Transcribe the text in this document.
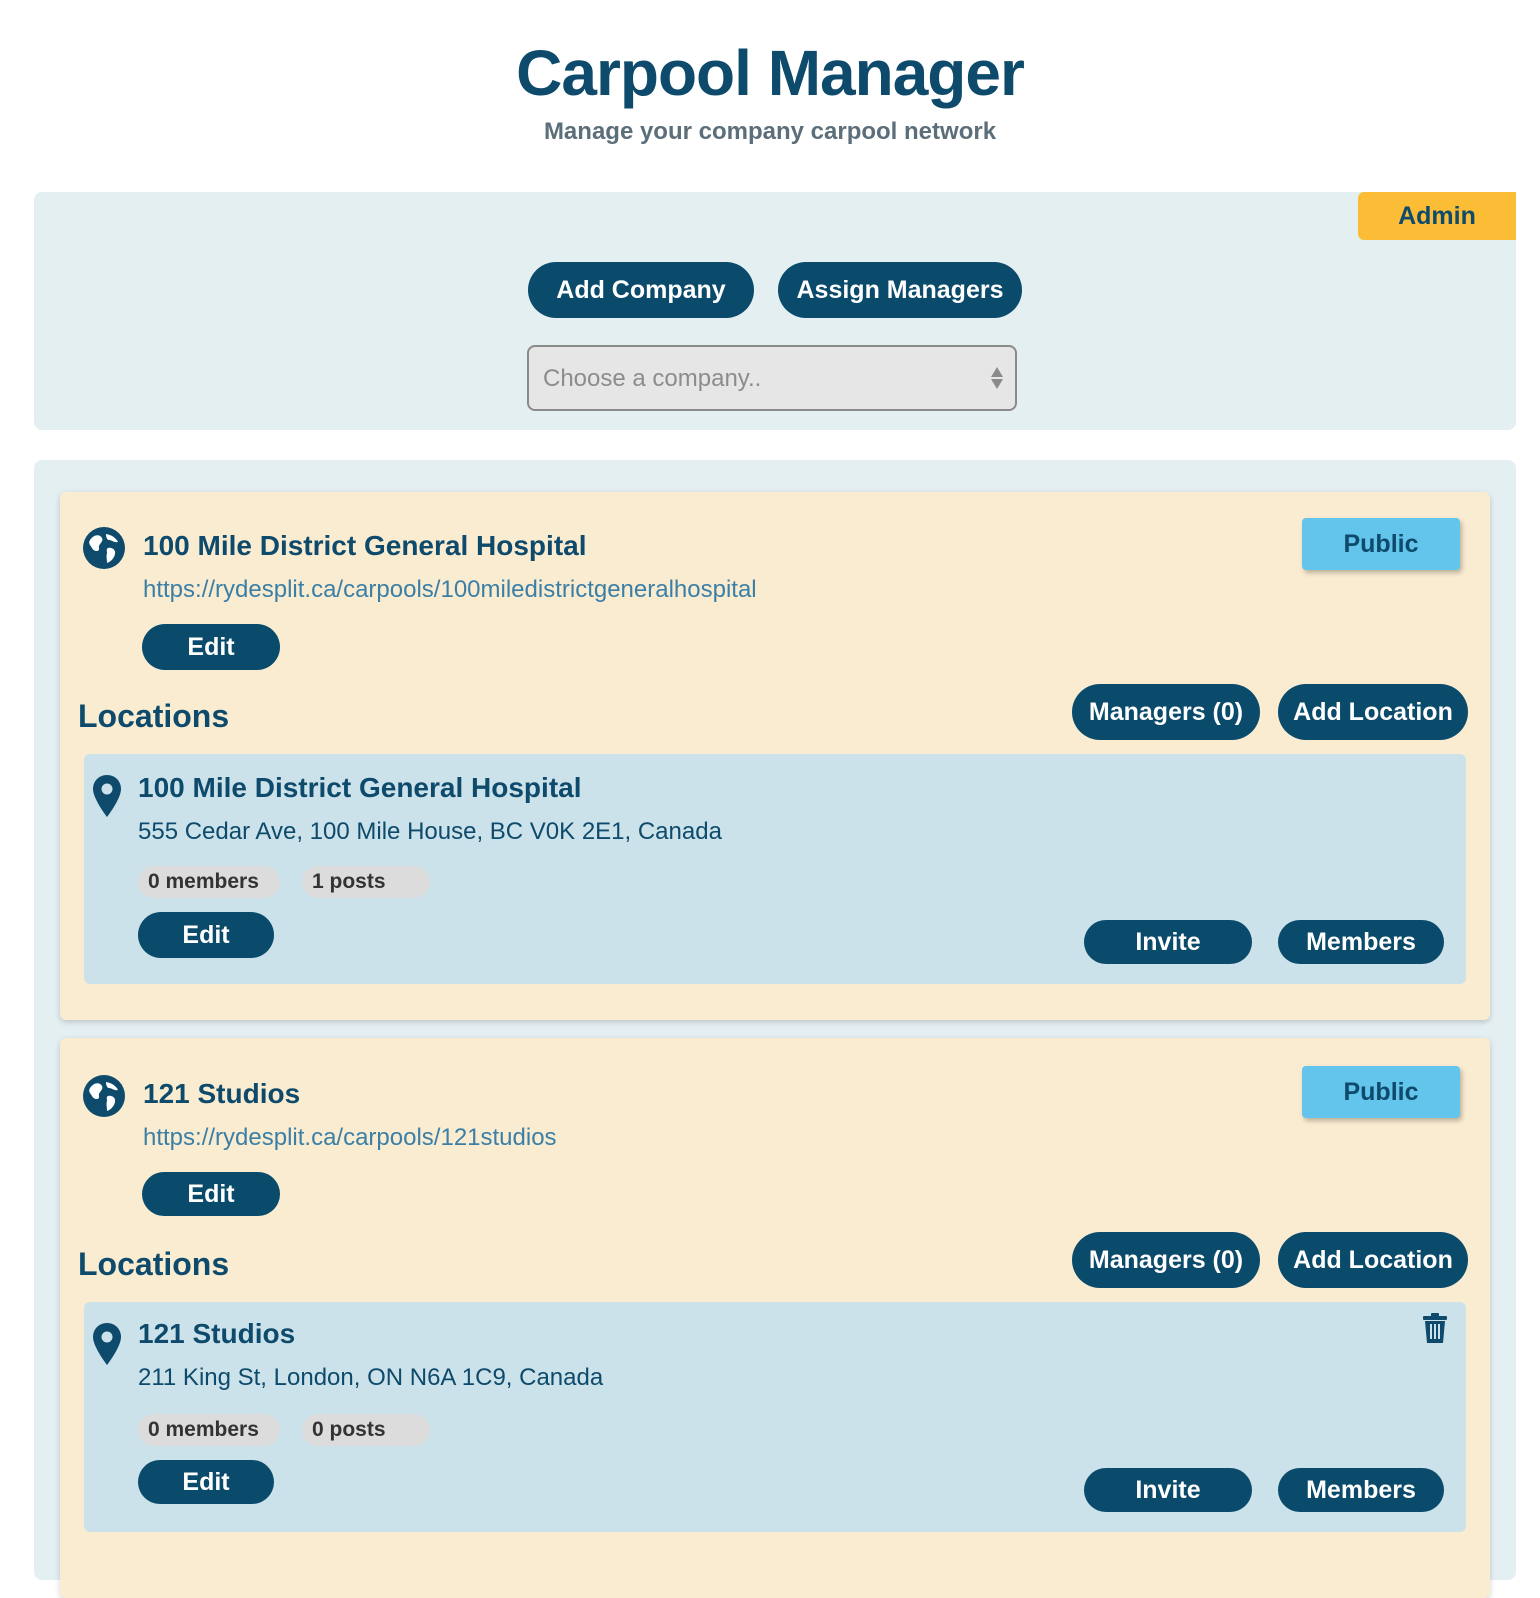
Carpool Manager
Manage your company carpool network
Admin
Add Company	Assign Managers
Choose a company..
100 Mile District General Hospital
https://rydesplit.ca/carpools/100miledistrictgeneralhospital
Public
Edit
Locations	Managers (0)	Add Location
100 Mile District General Hospital
555 Cedar Ave, 100 Mile House, BC V0K 2E1, Canada
0 members	1 posts
Edit	Invite	Members
121 Studios
https://rydesplit.ca/carpools/121studios
Public
Edit
Locations	Managers (0)	Add Location
121 Studios
211 King St, London, ON N6A 1C9, Canada
0 members	0 posts
Edit	Invite	Members
